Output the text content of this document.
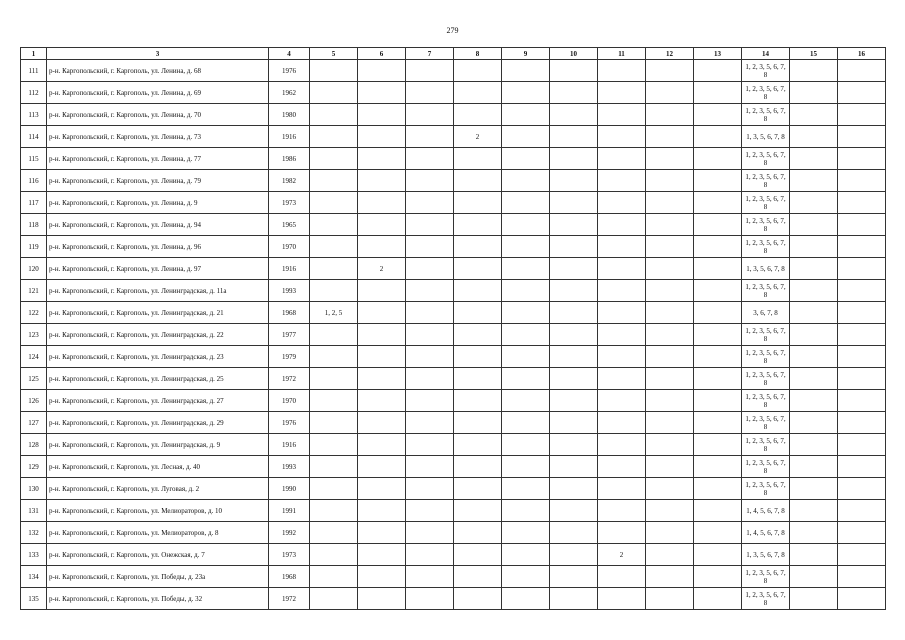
279
1	3	4	5	6	7	8	9	10	11	12	13	14	15	16
111	р-н. Каргопольский, г. Каргополь, ул. Ленина, д. 68	1976										1, 2, 3, 5, 6, 7, 8		
112	р-н. Каргопольский, г. Каргополь, ул. Ленина, д. 69	1962										1, 2, 3, 5, 6, 7, 8		
113	р-н. Каргопольский, г. Каргополь, ул. Ленина, д. 70	1980										1, 2, 3, 5, 6, 7, 8		
114	р-н. Каргопольский, г. Каргополь, ул. Ленина, д. 73	1916				2						1, 3, 5, 6, 7, 8		
115	р-н. Каргопольский, г. Каргополь, ул. Ленина, д. 77	1986										1, 2, 3, 5, 6, 7, 8		
116	р-н. Каргопольский, г. Каргополь, ул. Ленина, д. 79	1982										1, 2, 3, 5, 6, 7, 8		
117	р-н. Каргопольский, г. Каргополь, ул. Ленина, д. 9	1973										1, 2, 3, 5, 6, 7, 8		
118	р-н. Каргопольский, г. Каргополь, ул. Ленина, д. 94	1965										1, 2, 3, 5, 6, 7, 8		
119	р-н. Каргопольский, г. Каргополь, ул. Ленина, д. 96	1970										1, 2, 3, 5, 6, 7, 8		
120	р-н. Каргопольский, г. Каргополь, ул. Ленина, д. 97	1916		2								1, 3, 5, 6, 7, 8		
121	р-н. Каргопольский, г. Каргополь, ул. Ленинградская, д. 11а	1993										1, 2, 3, 5, 6, 7, 8		
122	р-н. Каргопольский, г. Каргополь, ул. Ленинградская, д. 21	1968	1, 2, 5									3, 6, 7, 8		
123	р-н. Каргопольский, г. Каргополь, ул. Ленинградская, д. 22	1977										1, 2, 3, 5, 6, 7, 8		
124	р-н. Каргопольский, г. Каргополь, ул. Ленинградская, д. 23	1979										1, 2, 3, 5, 6, 7, 8		
125	р-н. Каргопольский, г. Каргополь, ул. Ленинградская, д. 25	1972										1, 2, 3, 5, 6, 7, 8		
126	р-н. Каргопольский, г. Каргополь, ул. Ленинградская, д. 27	1970										1, 2, 3, 5, 6, 7, 8		
127	р-н. Каргопольский, г. Каргополь, ул. Ленинградская, д. 29	1976										1, 2, 3, 5, 6, 7, 8		
128	р-н. Каргопольский, г. Каргополь, ул. Ленинградская, д. 9	1916										1, 2, 3, 5, 6, 7, 8		
129	р-н. Каргопольский, г. Каргополь, ул. Лесная, д. 40	1993										1, 2, 3, 5, 6, 7, 8		
130	р-н. Каргопольский, г. Каргополь, ул. Луговая, д. 2	1990										1, 2, 3, 5, 6, 7, 8		
131	р-н. Каргопольский, г. Каргополь, ул. Мелиораторов, д. 10	1991										1, 4, 5, 6, 7, 8		
132	р-н. Каргопольский, г. Каргополь, ул. Мелиораторов, д. 8	1992										1, 4, 5, 6, 7, 8		
133	р-н. Каргопольский, г. Каргополь, ул. Онежская, д. 7	1973							2			1, 3, 5, 6, 7, 8		
134	р-н. Каргопольский, г. Каргополь, ул. Победы, д. 23а	1968										1, 2, 3, 5, 6, 7, 8		
135	р-н. Каргопольский, г. Каргополь, ул. Победы, д. 32	1972										1, 2, 3, 5, 6, 7, 8		
